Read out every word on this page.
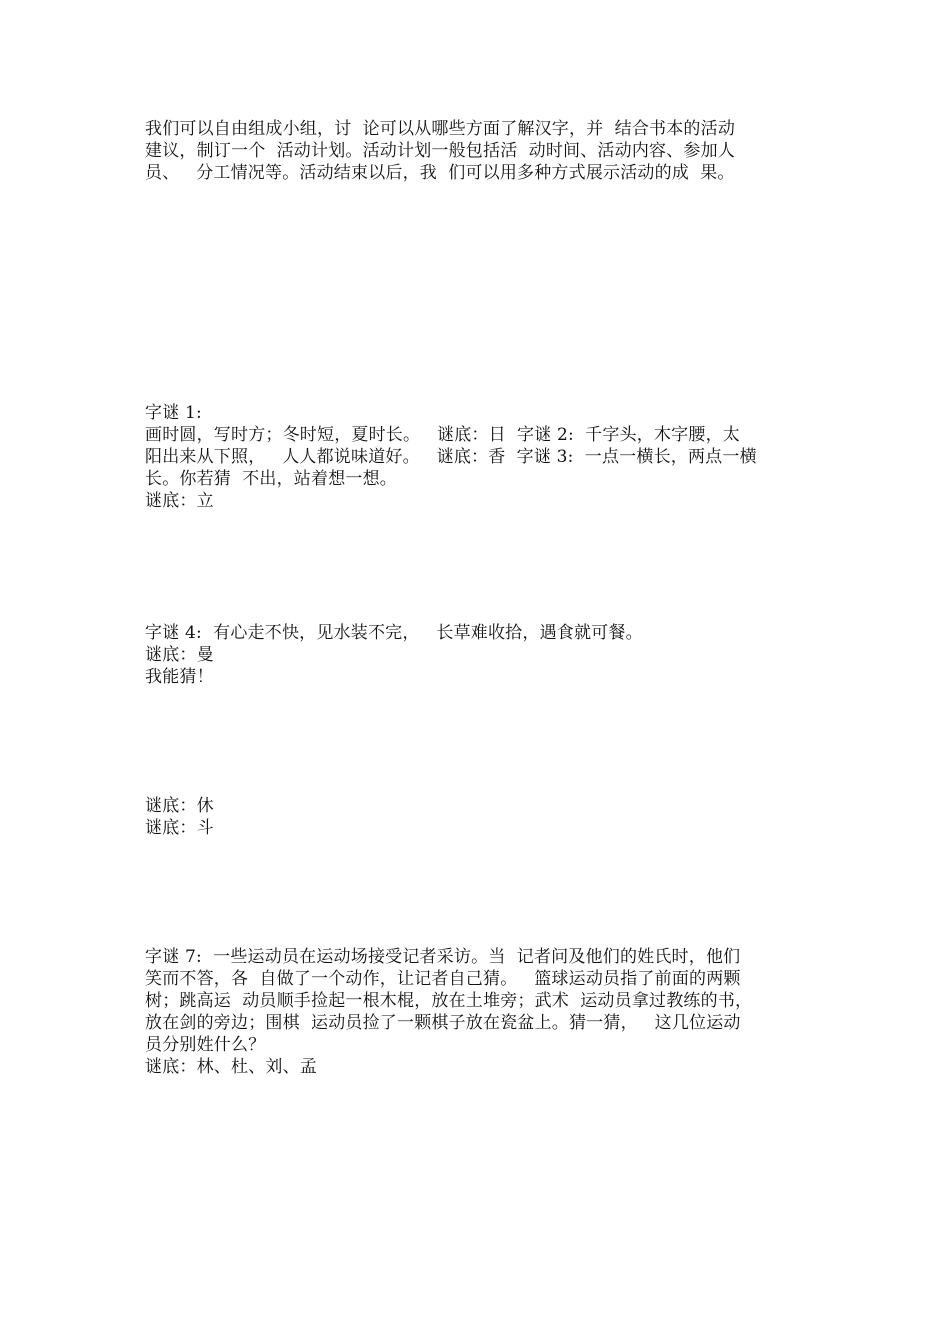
我们可以自由组成小组，讨  论可以从哪些方面了解汉字，并  结合书本的活动
建议，制订一个  活动计划。活动计划一般包括活  动时间、活动内容、参加人
员、   分工情况等。活动结束以后，我  们可以用多种方式展示活动的成  果。
字谜 1:
画时圆，写时方；冬时短，夏时长。   谜底：日  字谜 2:  千字头，木字腰，太
阳出来从下照，   人人都说味道好。   谜底：香  字谜 3:  一点一横长，两点一横
长。你若猜  不出，站着想一想。
谜底：立
字谜 4:  有心走不快，见水装不完，   长草难收拾，遇食就可餐。
谜底：曼
我能猜！
谜底：休
谜底：斗
字谜 7:  一些运动员在运动场接受记者采访。当  记者问及他们的姓氏时，他们
笑而不答，各  自做了一个动作，让记者自己猜。   篮球运动员指了前面的两颗
树；跳高运  动员顺手捡起一根木棍，放在土堆旁；武术  运动员拿过教练的书，
放在剑的旁边；围棋  运动员捡了一颗棋子放在瓷盆上。猜一猜，   这几位运动
员分别姓什么？
谜底：林、杜、刘、孟
